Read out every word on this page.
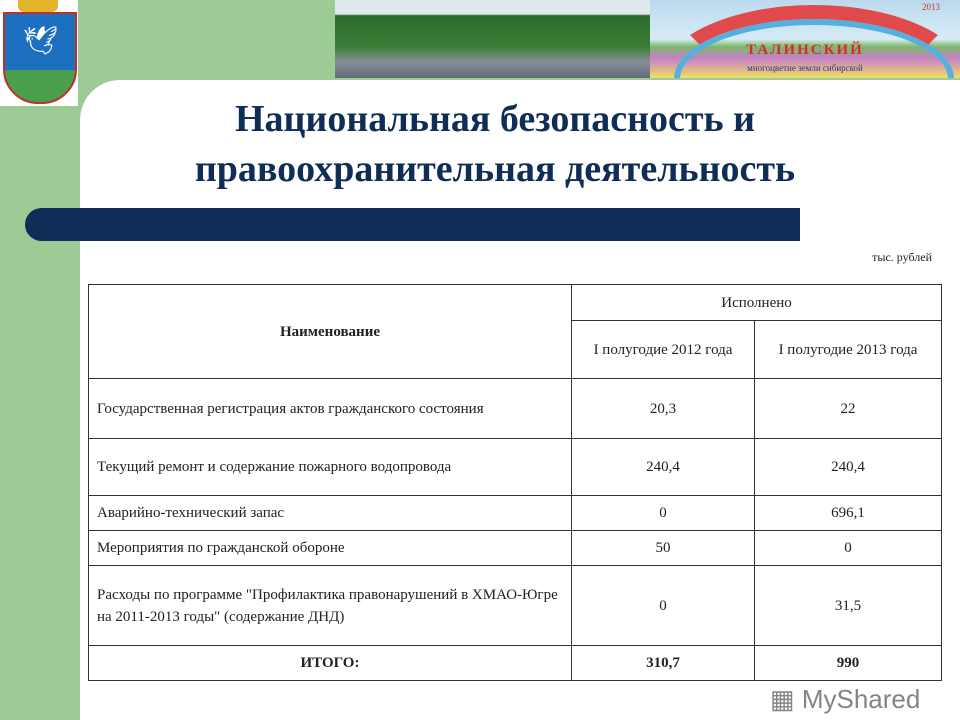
🕊
2013
ТАЛИНСКИЙ
многоцветие земли сибирской
Национальная безопасность и
правоохранительная деятельность
тыс. рублей
Наименование	Исполнено	
	I полугодие 2012 года	I полугодие 2013 года
Государственная регистрация актов гражданского состояния	20,3	22
Текущий ремонт и содержание пожарного водопровода	240,4	240,4
Аварийно-технический запас	0	696,1
Мероприятия по гражданской обороне	50	0
Расходы по программе "Профилактика правонарушений в ХМАО-Югре на 2011-2013 годы" (содержание ДНД)	0	31,5
ИТОГО:	310,7	990
▦ MyShared
